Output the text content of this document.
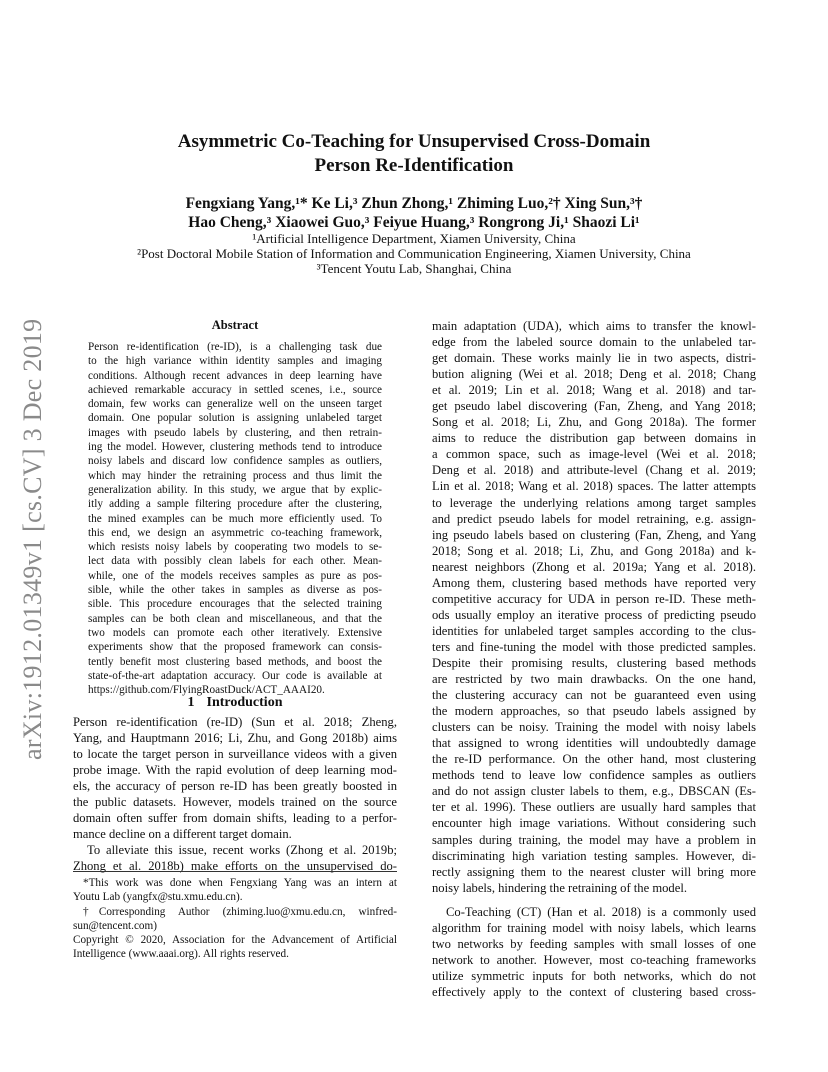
arXiv:1912.01349v1 [cs.CV] 3 Dec 2019
Asymmetric Co-Teaching for Unsupervised Cross-Domain
Person Re-Identification
Fengxiang Yang,¹* Ke Li,³ Zhun Zhong,¹ Zhiming Luo,²† Xing Sun,³†
Hao Cheng,³ Xiaowei Guo,³ Feiyue Huang,³ Rongrong Ji,¹ Shaozi Li¹
¹Artificial Intelligence Department, Xiamen University, China
²Post Doctoral Mobile Station of Information and Communication Engineering, Xiamen University, China
³Tencent Youtu Lab, Shanghai, China
Abstract
Person re-identification (re-ID), is a challenging task due
to the high variance within identity samples and imaging
conditions. Although recent advances in deep learning have
achieved remarkable accuracy in settled scenes, i.e., source
domain, few works can generalize well on the unseen target
domain. One popular solution is assigning unlabeled target
images with pseudo labels by clustering, and then retrain-
ing the model. However, clustering methods tend to introduce
noisy labels and discard low confidence samples as outliers,
which may hinder the retraining process and thus limit the
generalization ability. In this study, we argue that by explic-
itly adding a sample filtering procedure after the clustering,
the mined examples can be much more efficiently used. To
this end, we design an asymmetric co-teaching framework,
which resists noisy labels by cooperating two models to se-
lect data with possibly clean labels for each other. Mean-
while, one of the models receives samples as pure as pos-
sible, while the other takes in samples as diverse as pos-
sible. This procedure encourages that the selected training
samples can be both clean and miscellaneous, and that the
two models can promote each other iteratively. Extensive
experiments show that the proposed framework can consis-
tently benefit most clustering based methods, and boost the
state-of-the-art adaptation accuracy. Our code is available at
https://github.com/FlyingRoastDuck/ACT_AAAI20.
1 Introduction
Person re-identification (re-ID) (Sun et al. 2018; Zheng,
Yang, and Hauptmann 2016; Li, Zhu, and Gong 2018b) aims
to locate the target person in surveillance videos with a given
probe image. With the rapid evolution of deep learning mod-
els, the accuracy of person re-ID has been greatly boosted in
the public datasets. However, models trained on the source
domain often suffer from domain shifts, leading to a perfor-
mance decline on a different target domain.
To alleviate this issue, recent works (Zhong et al. 2019b;
Zhong et al. 2018b) make efforts on the unsupervised do-
*This work was done when Fengxiang Yang was an intern at
Youtu Lab (yangfx@stu.xmu.edu.cn).
†Corresponding Author (zhiming.luo@xmu.edu.cn, winfred-
sun@tencent.com)
Copyright © 2020, Association for the Advancement of Artificial
Intelligence (www.aaai.org). All rights reserved.
main adaptation (UDA), which aims to transfer the knowl-
edge from the labeled source domain to the unlabeled tar-
get domain. These works mainly lie in two aspects, distri-
bution aligning (Wei et al. 2018; Deng et al. 2018; Chang
et al. 2019; Lin et al. 2018; Wang et al. 2018) and tar-
get pseudo label discovering (Fan, Zheng, and Yang 2018;
Song et al. 2018; Li, Zhu, and Gong 2018a). The former
aims to reduce the distribution gap between domains in
a common space, such as image-level (Wei et al. 2018;
Deng et al. 2018) and attribute-level (Chang et al. 2019;
Lin et al. 2018; Wang et al. 2018) spaces. The latter attempts
to leverage the underlying relations among target samples
and predict pseudo labels for model retraining, e.g. assign-
ing pseudo labels based on clustering (Fan, Zheng, and Yang
2018; Song et al. 2018; Li, Zhu, and Gong 2018a) and k-
nearest neighbors (Zhong et al. 2019a; Yang et al. 2018).
Among them, clustering based methods have reported very
competitive accuracy for UDA in person re-ID. These meth-
ods usually employ an iterative process of predicting pseudo
identities for unlabeled target samples according to the clus-
ters and fine-tuning the model with those predicted samples.
Despite their promising results, clustering based methods
are restricted by two main drawbacks. On the one hand,
the clustering accuracy can not be guaranteed even using
the modern approaches, so that pseudo labels assigned by
clusters can be noisy. Training the model with noisy labels
that assigned to wrong identities will undoubtedly damage
the re-ID performance. On the other hand, most clustering
methods tend to leave low confidence samples as outliers
and do not assign cluster labels to them, e.g., DBSCAN (Es-
ter et al. 1996). These outliers are usually hard samples that
encounter high image variations. Without considering such
samples during training, the model may have a problem in
discriminating high variation testing samples. However, di-
rectly assigning them to the nearest cluster will bring more
noisy labels, hindering the retraining of the model.
Co-Teaching (CT) (Han et al. 2018) is a commonly used
algorithm for training model with noisy labels, which learns
two networks by feeding samples with small losses of one
network to another. However, most co-teaching frameworks
utilize symmetric inputs for both networks, which do not
effectively apply to the context of clustering based cross-
